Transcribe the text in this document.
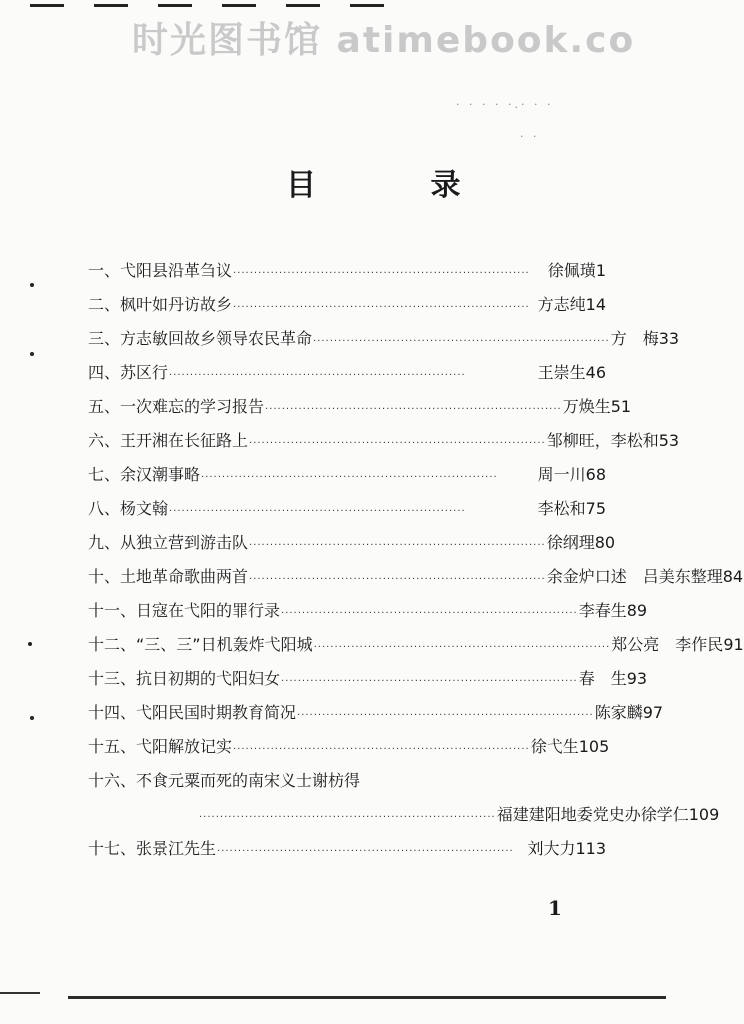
时光图书馆 atimebook.co
· · · · ·.· · ·
· ·
目 录
一、弋阳县沿革刍议 ·······································································	徐佩璜 1
二、枫叶如丹访故乡 ······································································· 方志纯 14
三、方志敏回故乡领导农民革命 ······································································· 方　梅 33
四、苏区行 ·······································································	王崇生 46
五、一次难忘的学习报告 ······································································· 万焕生 51
六、王开湘在长征路上 ······································································· 邹柳旺，李松和 53
七、余汉潮事略 ·······································································	周一川 68
八、杨文翰 ·······································································	李松和 75
九、从独立营到游击队 ······································································· 徐纲理 80
十、土地革命歌曲两首 ······································································· 余金炉口述　吕美东整理 84
十一、日寇在弋阳的罪行录 ······································································· 李春生 89
十二、“三、三”日机轰炸弋阳城 ······································································· 郑公亮　李作民 91
十三、抗日初期的弋阳妇女 ······································································· 春　生 93
十四、弋阳民国时期教育简况 ······································································· 陈家麟 97
十五、弋阳解放记实 ······································································· 徐弋生 105
十六、不食元粟而死的南宋义士谢枋得
······································································· 福建建阳地委党史办徐学仁 109
十七、张景江先生 ······································································· 刘大力 113
1
